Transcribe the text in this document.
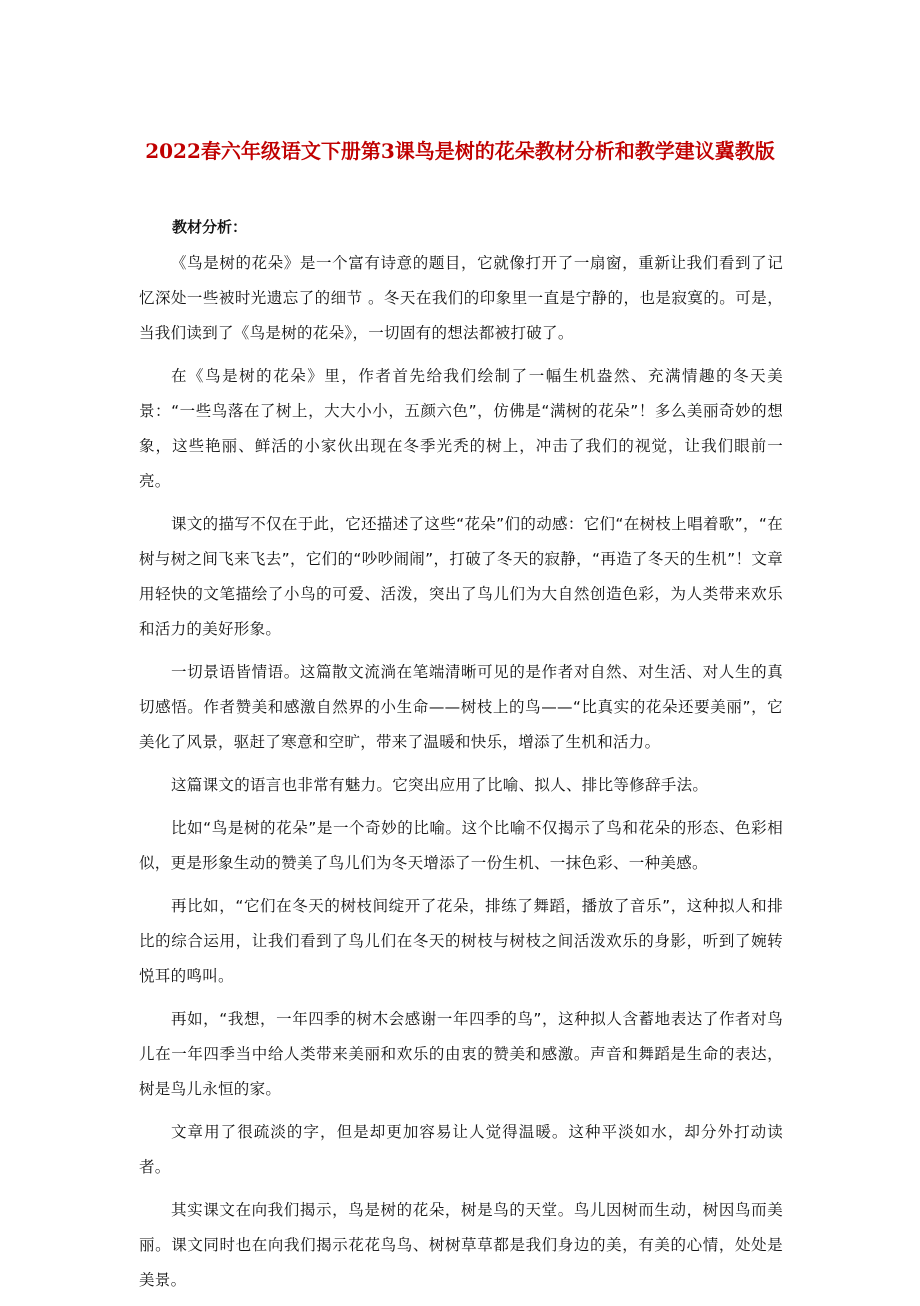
2022春六年级语文下册第3课鸟是树的花朵教材分析和教学建议冀教版
教材分析：

《鸟是树的花朵》是一个富有诗意的题目，它就像打开了一扇窗，重新让我们看到了记忆深处一些被时光遗忘了的细节 。冬天在我们的印象里一直是宁静的，也是寂寞的。可是，当我们读到了《鸟是树的花朵》，一切固有的想法都被打破了。

在《鸟是树的花朵》里，作者首先给我们绘制了一幅生机盎然、充满情趣的冬天美景：“一些鸟落在了树上，大大小小，五颜六色”，仿佛是“满树的花朵”！多么美丽奇妙的想象，这些艳丽、鲜活的小家伙出现在冬季光秃的树上，冲击了我们的视觉，让我们眼前一亮。

课文的描写不仅在于此，它还描述了这些“花朵”们的动感：它们“在树枝上唱着歌”，“在树与树之间飞来飞去”，它们的“吵吵闹闹”，打破了冬天的寂静，“再造了冬天的生机”！文章用轻快的文笔描绘了小鸟的可爱、活泼，突出了鸟儿们为大自然创造色彩，为人类带来欢乐和活力的美好形象。

一切景语皆情语。这篇散文流淌在笔端清晰可见的是作者对自然、对生活、对人生的真切感悟。作者赞美和感激自然界的小生命——树枝上的鸟——“比真实的花朵还要美丽”，它美化了风景，驱赶了寒意和空旷，带来了温暖和快乐，增添了生机和活力。

这篇课文的语言也非常有魅力。它突出应用了比喻、拟人、排比等修辞手法。

比如“鸟是树的花朵”是一个奇妙的比喻。这个比喻不仅揭示了鸟和花朵的形态、色彩相似，更是形象生动的赞美了鸟儿们为冬天增添了一份生机、一抹色彩、一种美感。

再比如，“它们在冬天的树枝间绽开了花朵，排练了舞蹈，播放了音乐”，这种拟人和排比的综合运用，让我们看到了鸟儿们在冬天的树枝与树枝之间活泼欢乐的身影，听到了婉转悦耳的鸣叫。

再如，“我想，一年四季的树木会感谢一年四季的鸟”，这种拟人含蓄地表达了作者对鸟儿在一年四季当中给人类带来美丽和欢乐的由衷的赞美和感激。声音和舞蹈是生命的表达，树是鸟儿永恒的家。

文章用了很疏淡的字，但是却更加容易让人觉得温暖。这种平淡如水，却分外打动读者。

其实课文在向我们揭示，鸟是树的花朵，树是鸟的天堂。鸟儿因树而生动，树因鸟而美丽。课文同时也在向我们揭示花花鸟鸟、树树草草都是我们身边的美，有美的心情，处处是美景。
